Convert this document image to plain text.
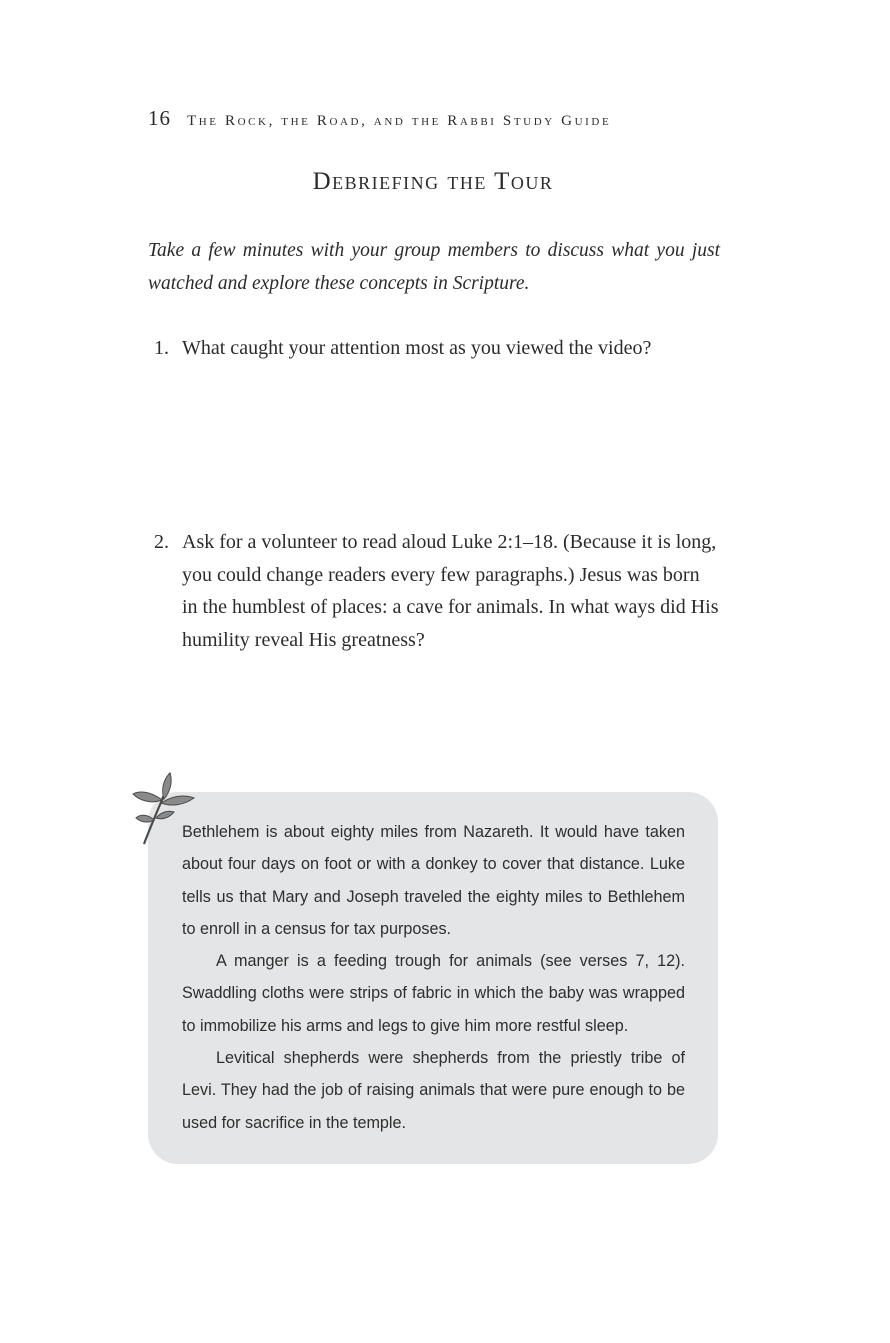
16 The Rock, the Road, and the Rabbi Study Guide
Debriefing the Tour

Take a few minutes with your group members to discuss what you just watched and explore these concepts in Scripture.

1. What caught your attention most as you viewed the video?
2. Ask for a volunteer to read aloud Luke 2:1–18. (Because it is long, you could change readers every few paragraphs.) Jesus was born in the humblest of places: a cave for animals. In what ways did His humility reveal His greatness?

Bethlehem is about eighty miles from Nazareth. It would have taken about four days on foot or with a donkey to cover that distance. Luke tells us that Mary and Joseph traveled the eighty miles to Bethlehem to enroll in a census for tax purposes.

A manger is a feeding trough for animals (see verses 7, 12). Swaddling cloths were strips of fabric in which the baby was wrapped to immobilize his arms and legs to give him more restful sleep.

Levitical shepherds were shepherds from the priestly tribe of Levi. They had the job of raising animals that were pure enough to be used for sacrifice in the temple.
